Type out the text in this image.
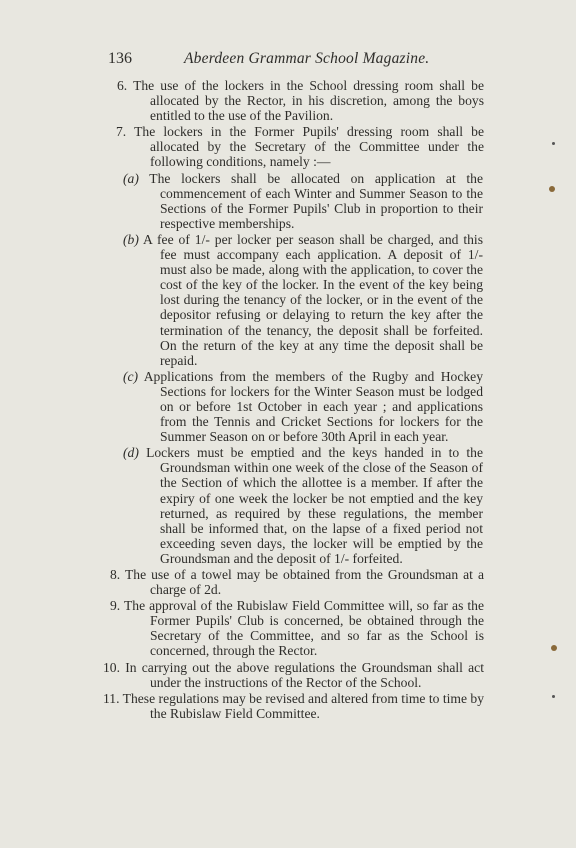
136	Aberdeen Grammar School Magazine.
6. The use of the lockers in the School dressing room shall be allocated by the Rector, in his discretion, among the boys entitled to the use of the Pavilion.
7. The lockers in the Former Pupils' dressing room shall be allocated by the Secretary of the Committee under the following conditions, namely :—
(a) The lockers shall be allocated on application at the commencement of each Winter and Summer Season to the Sections of the Former Pupils' Club in proportion to their respective memberships.
(b) A fee of 1/- per locker per season shall be charged, and this fee must accompany each application. A deposit of 1/- must also be made, along with the application, to cover the cost of the key of the locker. In the event of the key being lost during the tenancy of the locker, or in the event of the depositor refusing or delaying to return the key after the termination of the tenancy, the deposit shall be forfeited. On the return of the key at any time the deposit shall be repaid.
(c) Applications from the members of the Rugby and Hockey Sections for lockers for the Winter Season must be lodged on or before 1st October in each year ; and applications from the Tennis and Cricket Sections for lockers for the Summer Season on or before 30th April in each year.
(d) Lockers must be emptied and the keys handed in to the Groundsman within one week of the close of the Season of the Section of which the allottee is a member. If after the expiry of one week the locker be not emptied and the key returned, as required by these regulations, the member shall be informed that, on the lapse of a fixed period not exceeding seven days, the locker will be emptied by the Groundsman and the deposit of 1/- forfeited.
8. The use of a towel may be obtained from the Groundsman at a charge of 2d.
9. The approval of the Rubislaw Field Committee will, so far as the Former Pupils' Club is concerned, be obtained through the Secretary of the Committee, and so far as the School is concerned, through the Rector.
10. In carrying out the above regulations the Groundsman shall act under the instructions of the Rector of the School.
11. These regulations may be revised and altered from time to time by the Rubislaw Field Committee.
